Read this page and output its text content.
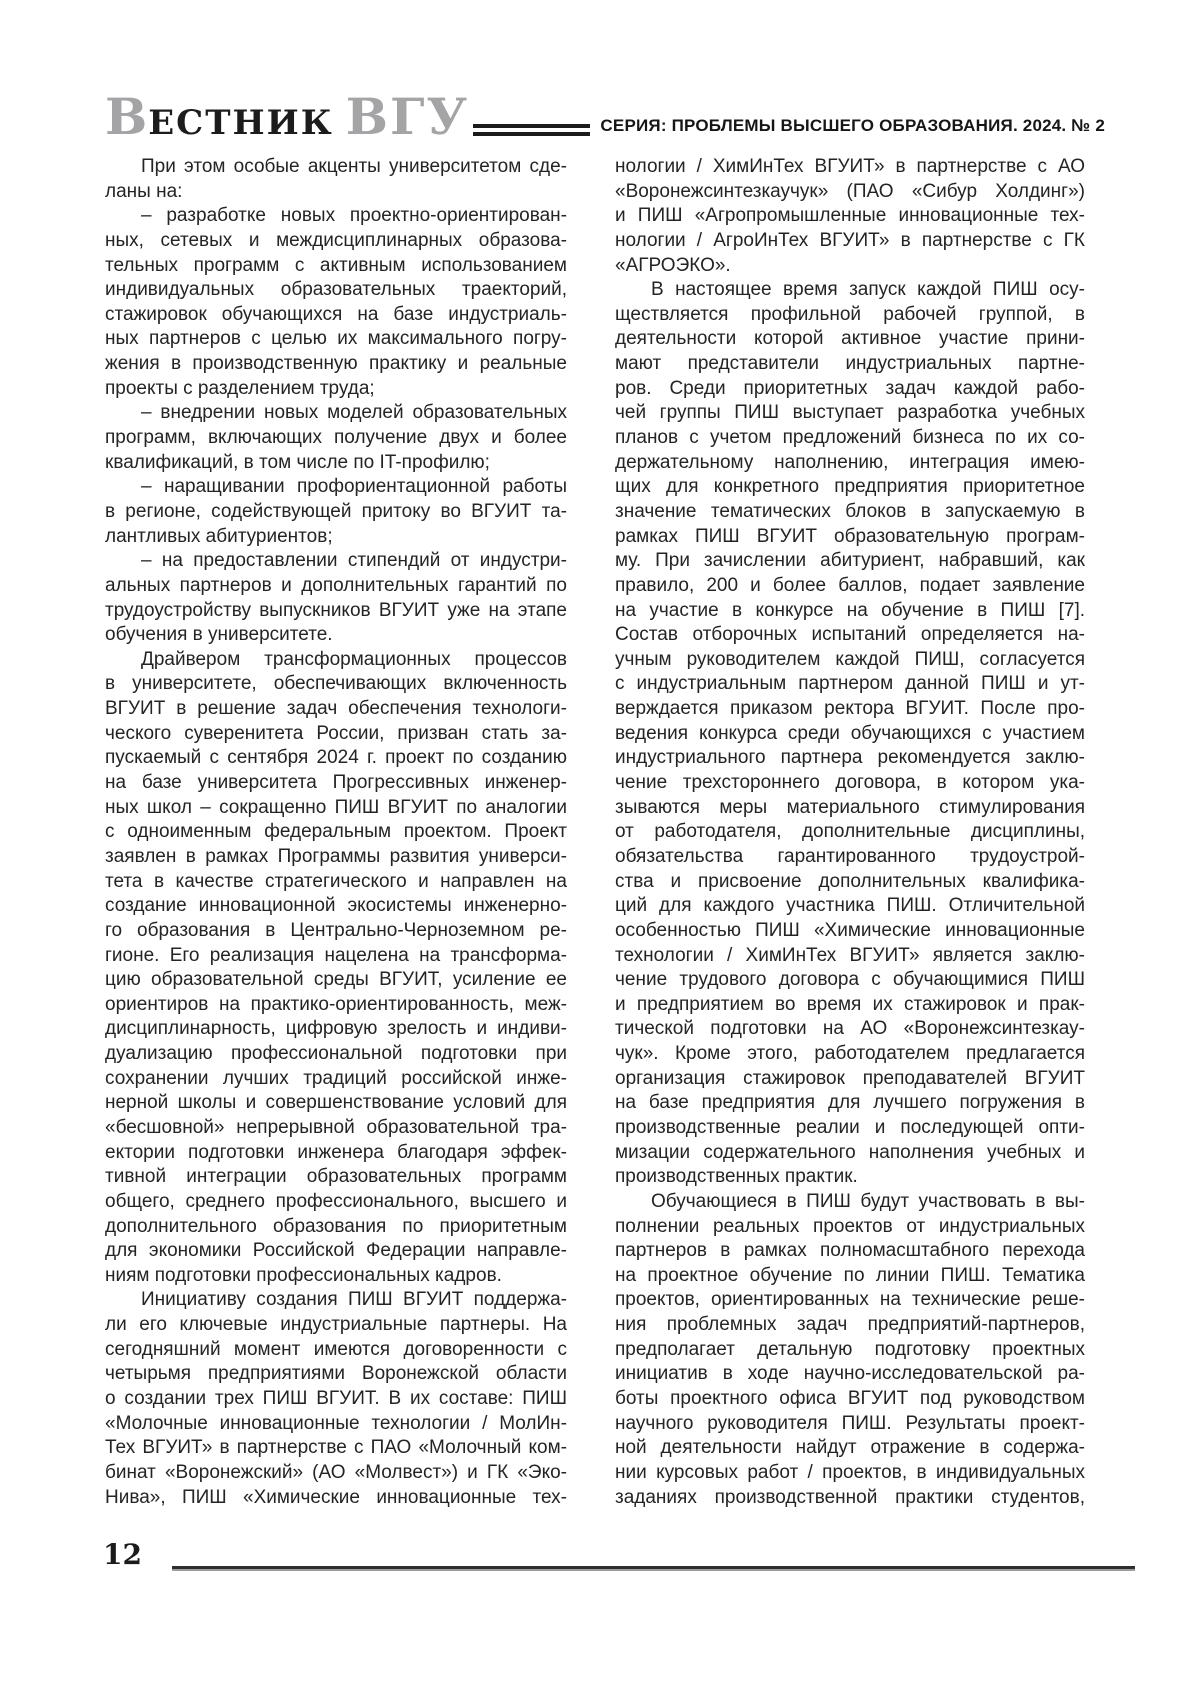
ВЕСТНИК ВГУ	СЕРИЯ: ПРОБЛЕМЫ ВЫСШЕГО ОБРАЗОВАНИЯ. 2024. № 2
При этом особые акценты университетом сде-
ланы на:
– разработке новых проектно-ориентирован-
ных, сетевых и междисциплинарных образова-
тельных программ с активным использованием
индивидуальных образовательных траекторий,
стажировок обучающихся на базе индустриаль-
ных партнеров с целью их максимального погру-
жения в производственную практику и реальные
проекты с разделением труда;
– внедрении новых моделей образовательных
программ, включающих получение двух и более
квалификаций, в том числе по IT-профилю;
– наращивании профориентационной работы
в регионе, содействующей притоку во ВГУИТ та-
лантливых абитуриентов;
– на предоставлении стипендий от индустри-
альных партнеров и дополнительных гарантий по
трудоустройству выпускников ВГУИТ уже на этапе
обучения в университете.
Драйвером трансформационных процессов
в университете, обеспечивающих включенность
ВГУИТ в решение задач обеспечения технологи-
ческого суверенитета России, призван стать за-
пускаемый с сентября 2024 г. проект по созданию
на базе университета Прогрессивных инженер-
ных школ – сокращенно ПИШ ВГУИТ по аналогии
с одноименным федеральным проектом. Проект
заявлен в рамках Программы развития универси-
тета в качестве стратегического и направлен на
создание инновационной экосистемы инженерно-
го образования в Центрально-Черноземном ре-
гионе. Его реализация нацелена на трансформа-
цию образовательной среды ВГУИТ, усиление ее
ориентиров на практико-ориентированность, меж-
дисциплинарность, цифровую зрелость и индиви-
дуализацию профессиональной подготовки при
сохранении лучших традиций российской инже-
нерной школы и совершенствование условий для
«бесшовной» непрерывной образовательной тра-
ектории подготовки инженера благодаря эффек-
тивной интеграции образовательных программ
общего, среднего профессионального, высшего и
дополнительного образования по приоритетным
для экономики Российской Федерации направле-
ниям подготовки профессиональных кадров.
Инициативу создания ПИШ ВГУИТ поддержа-
ли его ключевые индустриальные партнеры. На
сегодняшний момент имеются договоренности с
четырьмя предприятиями Воронежской области
о создании трех ПИШ ВГУИТ. В их составе: ПИШ
«Молочные инновационные технологии / МолИн-
Тех ВГУИТ» в партнерстве с ПАО «Молочный ком-
бинат «Воронежский» (АО «Молвест») и ГК «Эко-
Нива», ПИШ «Химические инновационные тех-
нологии / ХимИнТех ВГУИТ» в партнерстве с АО
«Воронежсинтезкаучук» (ПАО «Сибур Холдинг»)
и ПИШ «Агропромышленные инновационные тех-
нологии / АгроИнТех ВГУИТ» в партнерстве с ГК
«АГРОЭКО».
В настоящее время запуск каждой ПИШ осу-
ществляется профильной рабочей группой, в
деятельности которой активное участие прини-
мают представители индустриальных партне-
ров. Среди приоритетных задач каждой рабо-
чей группы ПИШ выступает разработка учебных
планов с учетом предложений бизнеса по их со-
держательному наполнению, интеграция имею-
щих для конкретного предприятия приоритетное
значение тематических блоков в запускаемую в
рамках ПИШ ВГУИТ образовательную програм-
му. При зачислении абитуриент, набравший, как
правило, 200 и более баллов, подает заявление
на участие в конкурсе на обучение в ПИШ [7].
Состав отборочных испытаний определяется на-
учным руководителем каждой ПИШ, согласуется
с индустриальным партнером данной ПИШ и ут-
верждается приказом ректора ВГУИТ. После про-
ведения конкурса среди обучающихся с участием
индустриального партнера рекомендуется заклю-
чение трехстороннего договора, в котором ука-
зываются меры материального стимулирования
от работодателя, дополнительные дисциплины,
обязательства гарантированного трудоустрой-
ства и присвоение дополнительных квалифика-
ций для каждого участника ПИШ. Отличительной
особенностью ПИШ «Химические инновационные
технологии / ХимИнТех ВГУИТ» является заклю-
чение трудового договора с обучающимися ПИШ
и предприятием во время их стажировок и прак-
тической подготовки на АО «Воронежсинтезкау-
чук». Кроме этого, работодателем предлагается
организация стажировок преподавателей ВГУИТ
на базе предприятия для лучшего погружения в
производственные реалии и последующей опти-
мизации содержательного наполнения учебных и
производственных практик.
Обучающиеся в ПИШ будут участвовать в вы-
полнении реальных проектов от индустриальных
партнеров в рамках полномасштабного перехода
на проектное обучение по линии ПИШ. Тематика
проектов, ориентированных на технические реше-
ния проблемных задач предприятий-партнеров,
предполагает детальную подготовку проектных
инициатив в ходе научно-исследовательской ра-
боты проектного офиса ВГУИТ под руководством
научного руководителя ПИШ. Результаты проект-
ной деятельности найдут отражение в содержа-
нии курсовых работ / проектов, в индивидуальных
заданиях производственной практики студентов,
12
